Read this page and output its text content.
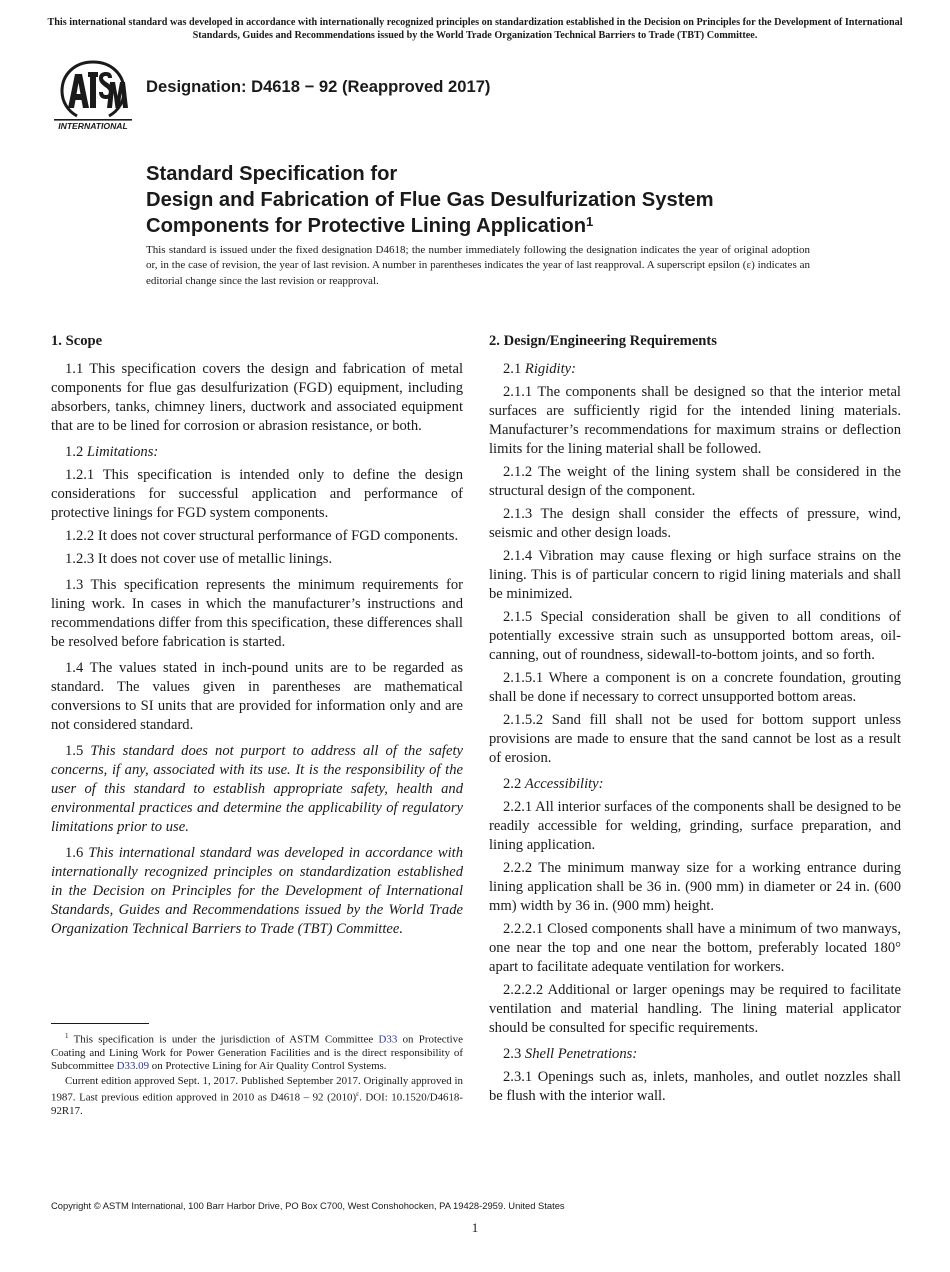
This international standard was developed in accordance with internationally recognized principles on standardization established in the Decision on Principles for the Development of International Standards, Guides and Recommendations issued by the World Trade Organization Technical Barriers to Trade (TBT) Committee.
INTERNATIONAL
Designation: D4618 − 92 (Reapproved 2017)
Standard Specification for
Design and Fabrication of Flue Gas Desulfurization System
Components for Protective Lining Application$^1$
This standard is issued under the fixed designation D4618; the number immediately following the designation indicates the year of original adoption or, in the case of revision, the year of last revision. A number in parentheses indicates the year of last reapproval. A superscript epsilon (ε) indicates an editorial change since the last revision or reapproval.
1. Scope

1.1 This specification covers the design and fabrication of metal components for flue gas desulfurization (FGD) equipment, including absorbers, tanks, chimney liners, ductwork and associated equipment that are to be lined for corrosion or abrasion resistance, or both.

1.2 Limitations:

1.2.1 This specification is intended only to define the design considerations for successful application and performance of protective linings for FGD system components.

1.2.2 It does not cover structural performance of FGD components.

1.2.3 It does not cover use of metallic linings.

1.3 This specification represents the minimum requirements for lining work. In cases in which the manufacturer’s instructions and recommendations differ from this specification, these differences shall be resolved before fabrication is started.

1.4 The values stated in inch-pound units are to be regarded as standard. The values given in parentheses are mathematical conversions to SI units that are provided for information only and are not considered standard.

1.5 This standard does not purport to address all of the safety concerns, if any, associated with its use. It is the responsibility of the user of this standard to establish appropriate safety, health and environmental practices and determine the applicability of regulatory limitations prior to use.

1.6 This international standard was developed in accordance with internationally recognized principles on standardization established in the Decision on Principles for the Development of International Standards, Guides and Recommendations issued by the World Trade Organization Technical Barriers to Trade (TBT) Committee.

2. Design/Engineering Requirements

2.1 Rigidity:

2.1.1 The components shall be designed so that the interior metal surfaces are sufficiently rigid for the intended lining materials. Manufacturer’s recommendations for maximum strains or deflection limits for the lining material shall be followed.

2.1.2 The weight of the lining system shall be considered in the structural design of the component.

2.1.3 The design shall consider the effects of pressure, wind, seismic and other design loads.

2.1.4 Vibration may cause flexing or high surface strains on the lining. This is of particular concern to rigid lining materials and shall be minimized.

2.1.5 Special consideration shall be given to all conditions of potentially excessive strain such as unsupported bottom areas, oil-canning, out of roundness, sidewall-to-bottom joints, and so forth.

2.1.5.1 Where a component is on a concrete foundation, grouting shall be done if necessary to correct unsupported bottom areas.

2.1.5.2 Sand fill shall not be used for bottom support unless provisions are made to ensure that the sand cannot be lost as a result of erosion.

2.2 Accessibility:

2.2.1 All interior surfaces of the components shall be designed to be readily accessible for welding, grinding, surface preparation, and lining application.

2.2.2 The minimum manway size for a working entrance during lining application shall be 36 in. (900 mm) in diameter or 24 in. (600 mm) width by 36 in. (900 mm) height.

2.2.2.1 Closed components shall have a minimum of two manways, one near the top and one near the bottom, preferably located 180° apart to facilitate adequate ventilation for workers.

2.2.2.2 Additional or larger openings may be required to facilitate ventilation and material handling. The lining material applicator should be consulted for specific requirements.

2.3 Shell Penetrations:

2.3.1 Openings such as, inlets, manholes, and outlet nozzles shall be flush with the interior wall.

$^1$ This specification is under the jurisdiction of ASTM Committee D33 on Protective Coating and Lining Work for Power Generation Facilities and is the direct responsibility of Subcommittee D33.09 on Protective Lining for Air Quality Control Systems.

Current edition approved Sept. 1, 2017. Published September 2017. Originally approved in 1987. Last previous edition approved in 2010 as D4618 – 92 $(2010)^\varepsilon$. DOI: 10.1520/D4618-92R17.

Copyright © ASTM International, 100 Barr Harbor Drive, PO Box C700, West Conshohocken, PA 19428-2959. United States
1
